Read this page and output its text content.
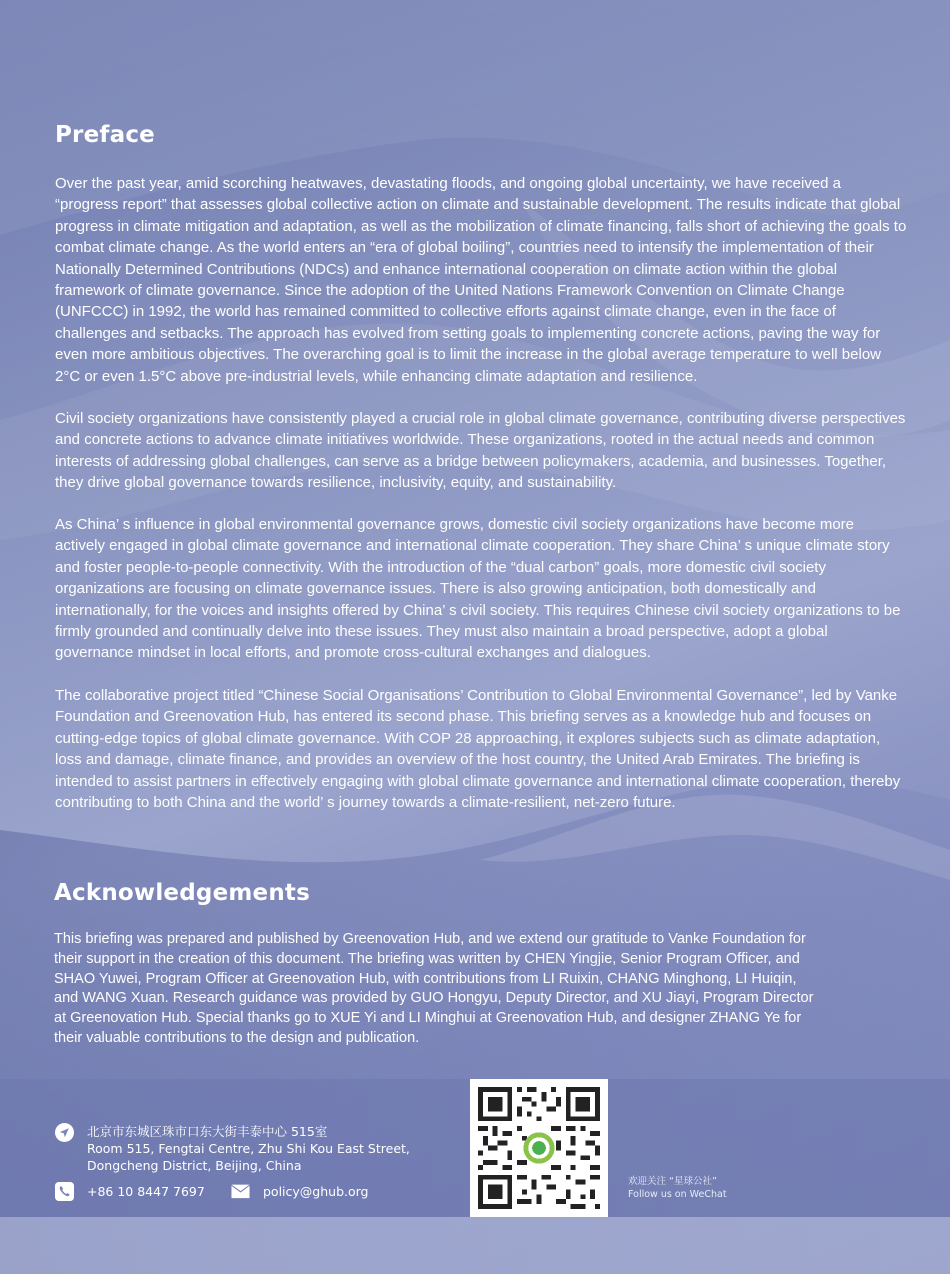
Preface

Over the past year, amid scorching heatwaves, devastating floods, and ongoing global uncertainty, we have received a “progress report” that assesses global collective action on climate and sustainable development. The results indicate that global progress in climate mitigation and adaptation, as well as the mobilization of climate financing, falls short of achieving the goals to combat climate change. As the world enters an “era of global boiling”, countries need to intensify the implementation of their Nationally Determined Contributions (NDCs) and enhance international cooperation on climate action within the global framework of climate governance. Since the adoption of the United Nations Framework Convention on Climate Change (UNFCCC) in 1992, the world has remained committed to collective efforts against climate change, even in the face of challenges and setbacks. The approach has evolved from setting goals to implementing concrete actions, paving the way for even more ambitious objectives. The overarching goal is to limit the increase in the global average temperature to well below 2°C or even 1.5°C above pre-industrial levels, while enhancing climate adaptation and resilience.

Civil society organizations have consistently played a crucial role in global climate governance, contributing diverse perspectives and concrete actions to advance climate initiatives worldwide. These organizations, rooted in the actual needs and common interests of addressing global challenges, can serve as a bridge between policymakers, academia, and businesses. Together, they drive global governance towards resilience, inclusivity, equity, and sustainability.

As China’ s influence in global environmental governance grows, domestic civil society organizations have become more actively engaged in global climate governance and international climate cooperation. They share China’ s unique climate story and foster people-to-people connectivity. With the introduction of the “dual carbon” goals, more domestic civil society organizations are focusing on climate governance issues. There is also growing anticipation, both domestically and internationally, for the voices and insights offered by China’ s civil society. This requires Chinese civil society organizations to be firmly grounded and continually delve into these issues. They must also maintain a broad perspective, adopt a global governance mindset in local efforts, and promote cross-cultural exchanges and dialogues.

The collaborative project titled “Chinese Social Organisations’ Contribution to Global Environmental Governance”, led by Vanke Foundation and Greenovation Hub, has entered its second phase. This briefing serves as a knowledge hub and focuses on cutting-edge topics of global climate governance. With COP 28 approaching, it explores subjects such as climate adaptation, loss and damage, climate finance, and provides an overview of the host country, the United Arab Emirates. The briefing is intended to assist partners in effectively engaging with global climate governance and international climate cooperation, thereby contributing to both China and the world’ s journey towards a climate-resilient, net-zero future.

Acknowledgements

This briefing was prepared and published by Greenovation Hub, and we extend our gratitude to Vanke Foundation for their support in the creation of this document. The briefing was written by CHEN Yingjie, Senior Program Officer, and SHAO Yuwei, Program Officer at Greenovation Hub, with contributions from LI Ruixin, CHANG Minghong, LI Huiqin, and WANG Xuan. Research guidance was provided by GUO Hongyu, Deputy Director, and XU Jiayi, Program Director at Greenovation Hub. Special thanks go to XUE Yi and LI Minghui at Greenovation Hub, and designer ZHANG Ye for their valuable contributions to the design and publication.

北京市东城区珠市口东大街丰泰中心 515室
Room 515, Fengtai Centre, Zhu Shi Kou East Street,
Dongcheng District, Beijing, China
+86 10 8447 7697	policy@ghub.org
欢迎关注 “星球公社”
Follow us on WeChat
